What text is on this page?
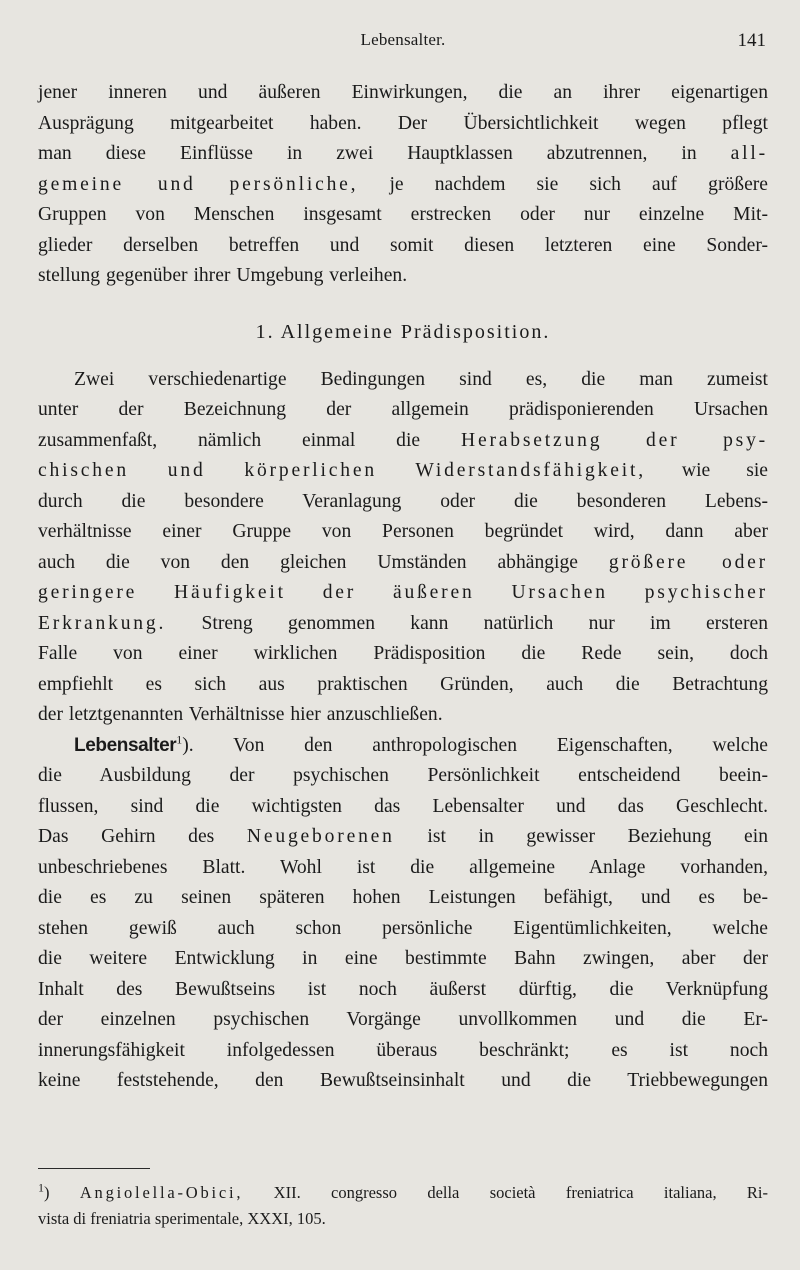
Lebensalter.	141
jener inneren und äußeren Einwirkungen, die an ihrer eigenartigen
Ausprägung mitgearbeitet haben. Der Übersichtlichkeit wegen pflegt
man diese Einflüsse in zwei Hauptklassen abzutrennen, in all-
gemeine und persönliche, je nachdem sie sich auf größere
Gruppen von Menschen insgesamt erstrecken oder nur einzelne Mit-
glieder derselben betreffen und somit diesen letzteren eine Sonder-
stellung gegenüber ihrer Umgebung verleihen.
1. Allgemeine Prädisposition.
Zwei verschiedenartige Bedingungen sind es, die man zumeist
unter der Bezeichnung der allgemein prädisponierenden Ursachen
zusammenfaßt, nämlich einmal die Herabsetzung der psy-
chischen und körperlichen Widerstandsfähigkeit, wie sie
durch die besondere Veranlagung oder die besonderen Lebens-
verhältnisse einer Gruppe von Personen begründet wird, dann aber
auch die von den gleichen Umständen abhängige größere oder
geringere Häufigkeit der äußeren Ursachen psychischer
Erkrankung. Streng genommen kann natürlich nur im ersteren
Falle von einer wirklichen Prädisposition die Rede sein, doch
empfiehlt es sich aus praktischen Gründen, auch die Betrachtung
der letztgenannten Verhältnisse hier anzuschließen.
Lebensalter$^1$). Von den anthropologischen Eigenschaften, welche
die Ausbildung der psychischen Persönlichkeit entscheidend beein-
flussen, sind die wichtigsten das Lebensalter und das Geschlecht.
Das Gehirn des Neugeborenen ist in gewisser Beziehung ein
unbeschriebenes Blatt. Wohl ist die allgemeine Anlage vorhanden,
die es zu seinen späteren hohen Leistungen befähigt, und es be-
stehen gewiß auch schon persönliche Eigentümlichkeiten, welche
die weitere Entwicklung in eine bestimmte Bahn zwingen, aber der
Inhalt des Bewußtseins ist noch äußerst dürftig, die Verknüpfung
der einzelnen psychischen Vorgänge unvollkommen und die Er-
innerungsfähigkeit infolgedessen überaus beschränkt; es ist noch
keine feststehende, den Bewußtseinsinhalt und die Triebbewegungen
$^1$) Angiolella-Obici, XII. congresso della società freniatrica italiana, Ri-
vista di freniatria sperimentale, XXXI, 105.
